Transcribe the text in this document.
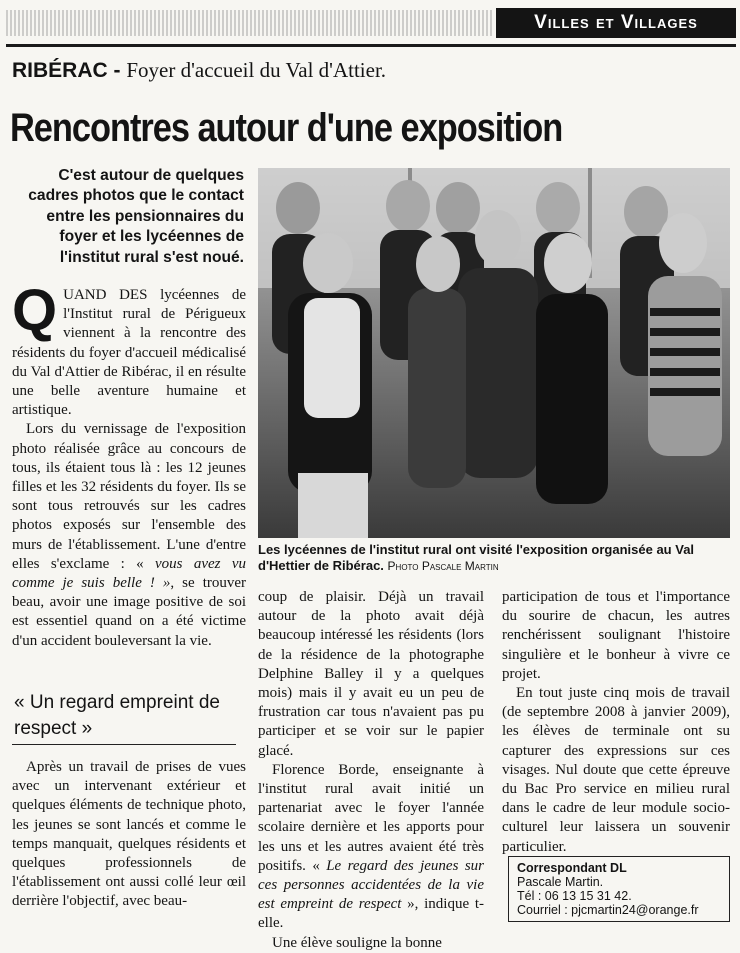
Villes et Villages
RIBÉRAC - Foyer d'accueil du Val d'Attier.
Rencontres autour d'une exposition
C'est autour de quelques cadres photos que le contact entre les pensionnaires du foyer et les lycéennes de l'institut rural s'est noué.

QUAND DES lycéennes de l'Institut rural de Périgueux viennent à la rencontre des résidents du foyer d'accueil médicalisé du Val d'Attier de Ribérac, il en résulte une belle aventure humaine et artistique.

Lors du vernissage de l'exposition photo réalisée grâce au concours de tous, ils étaient tous là : les 12 jeunes filles et les 32 résidents du foyer. Ils se sont tous retrouvés sur les cadres photos exposés sur l'ensemble des murs de l'établissement. L'une d'entre elles s'exclame : « vous avez vu comme je suis belle ! », se trouver beau, avoir une image positive de soi est essentiel quand on a été victime d'un accident bouleversant la vie.

« Un regard empreint de respect »

Après un travail de prises de vues avec un intervenant extérieur et quelques éléments de technique photo, les jeunes se sont lancés et comme le temps manquait, quelques résidents et quelques professionnels de l'établissement ont aussi collé leur œil derrière l'objectif, avec beau-

Les lycéennes de l'institut rural ont visité l'exposition organisée au Val d'Hettier de Ribérac. Photo Pascale Martin

coup de plaisir. Déjà un travail autour de la photo avait déjà beaucoup intéressé les résidents (lors de la résidence de la photographe Delphine Balley il y a quelques mois) mais il y avait eu un peu de frustration car tous n'avaient pas pu participer et se voir sur le papier glacé.

Florence Borde, enseignante à l'institut rural avait initié un partenariat avec le foyer l'année scolaire dernière et les apports pour les uns et les autres avaient été très positifs. « Le regard des jeunes sur ces personnes accidentées de la vie est empreint de respect », indique t-elle.

Une élève souligne la bonne

participation de tous et l'importance du sourire de chacun, les autres renchérissent soulignant l'histoire singulière et le bonheur à vivre ce projet.

En tout juste cinq mois de travail (de septembre 2008 à janvier 2009), les élèves de terminale ont su capturer des expressions sur ces visages. Nul doute que cette épreuve du Bac Pro service en milieu rural dans le cadre de leur module socio-culturel leur laissera un souvenir particulier.

Correspondant DL
Pascale Martin.
Tél : 06 13 15 31 42.
Courriel : pjcmartin24@orange.fr
